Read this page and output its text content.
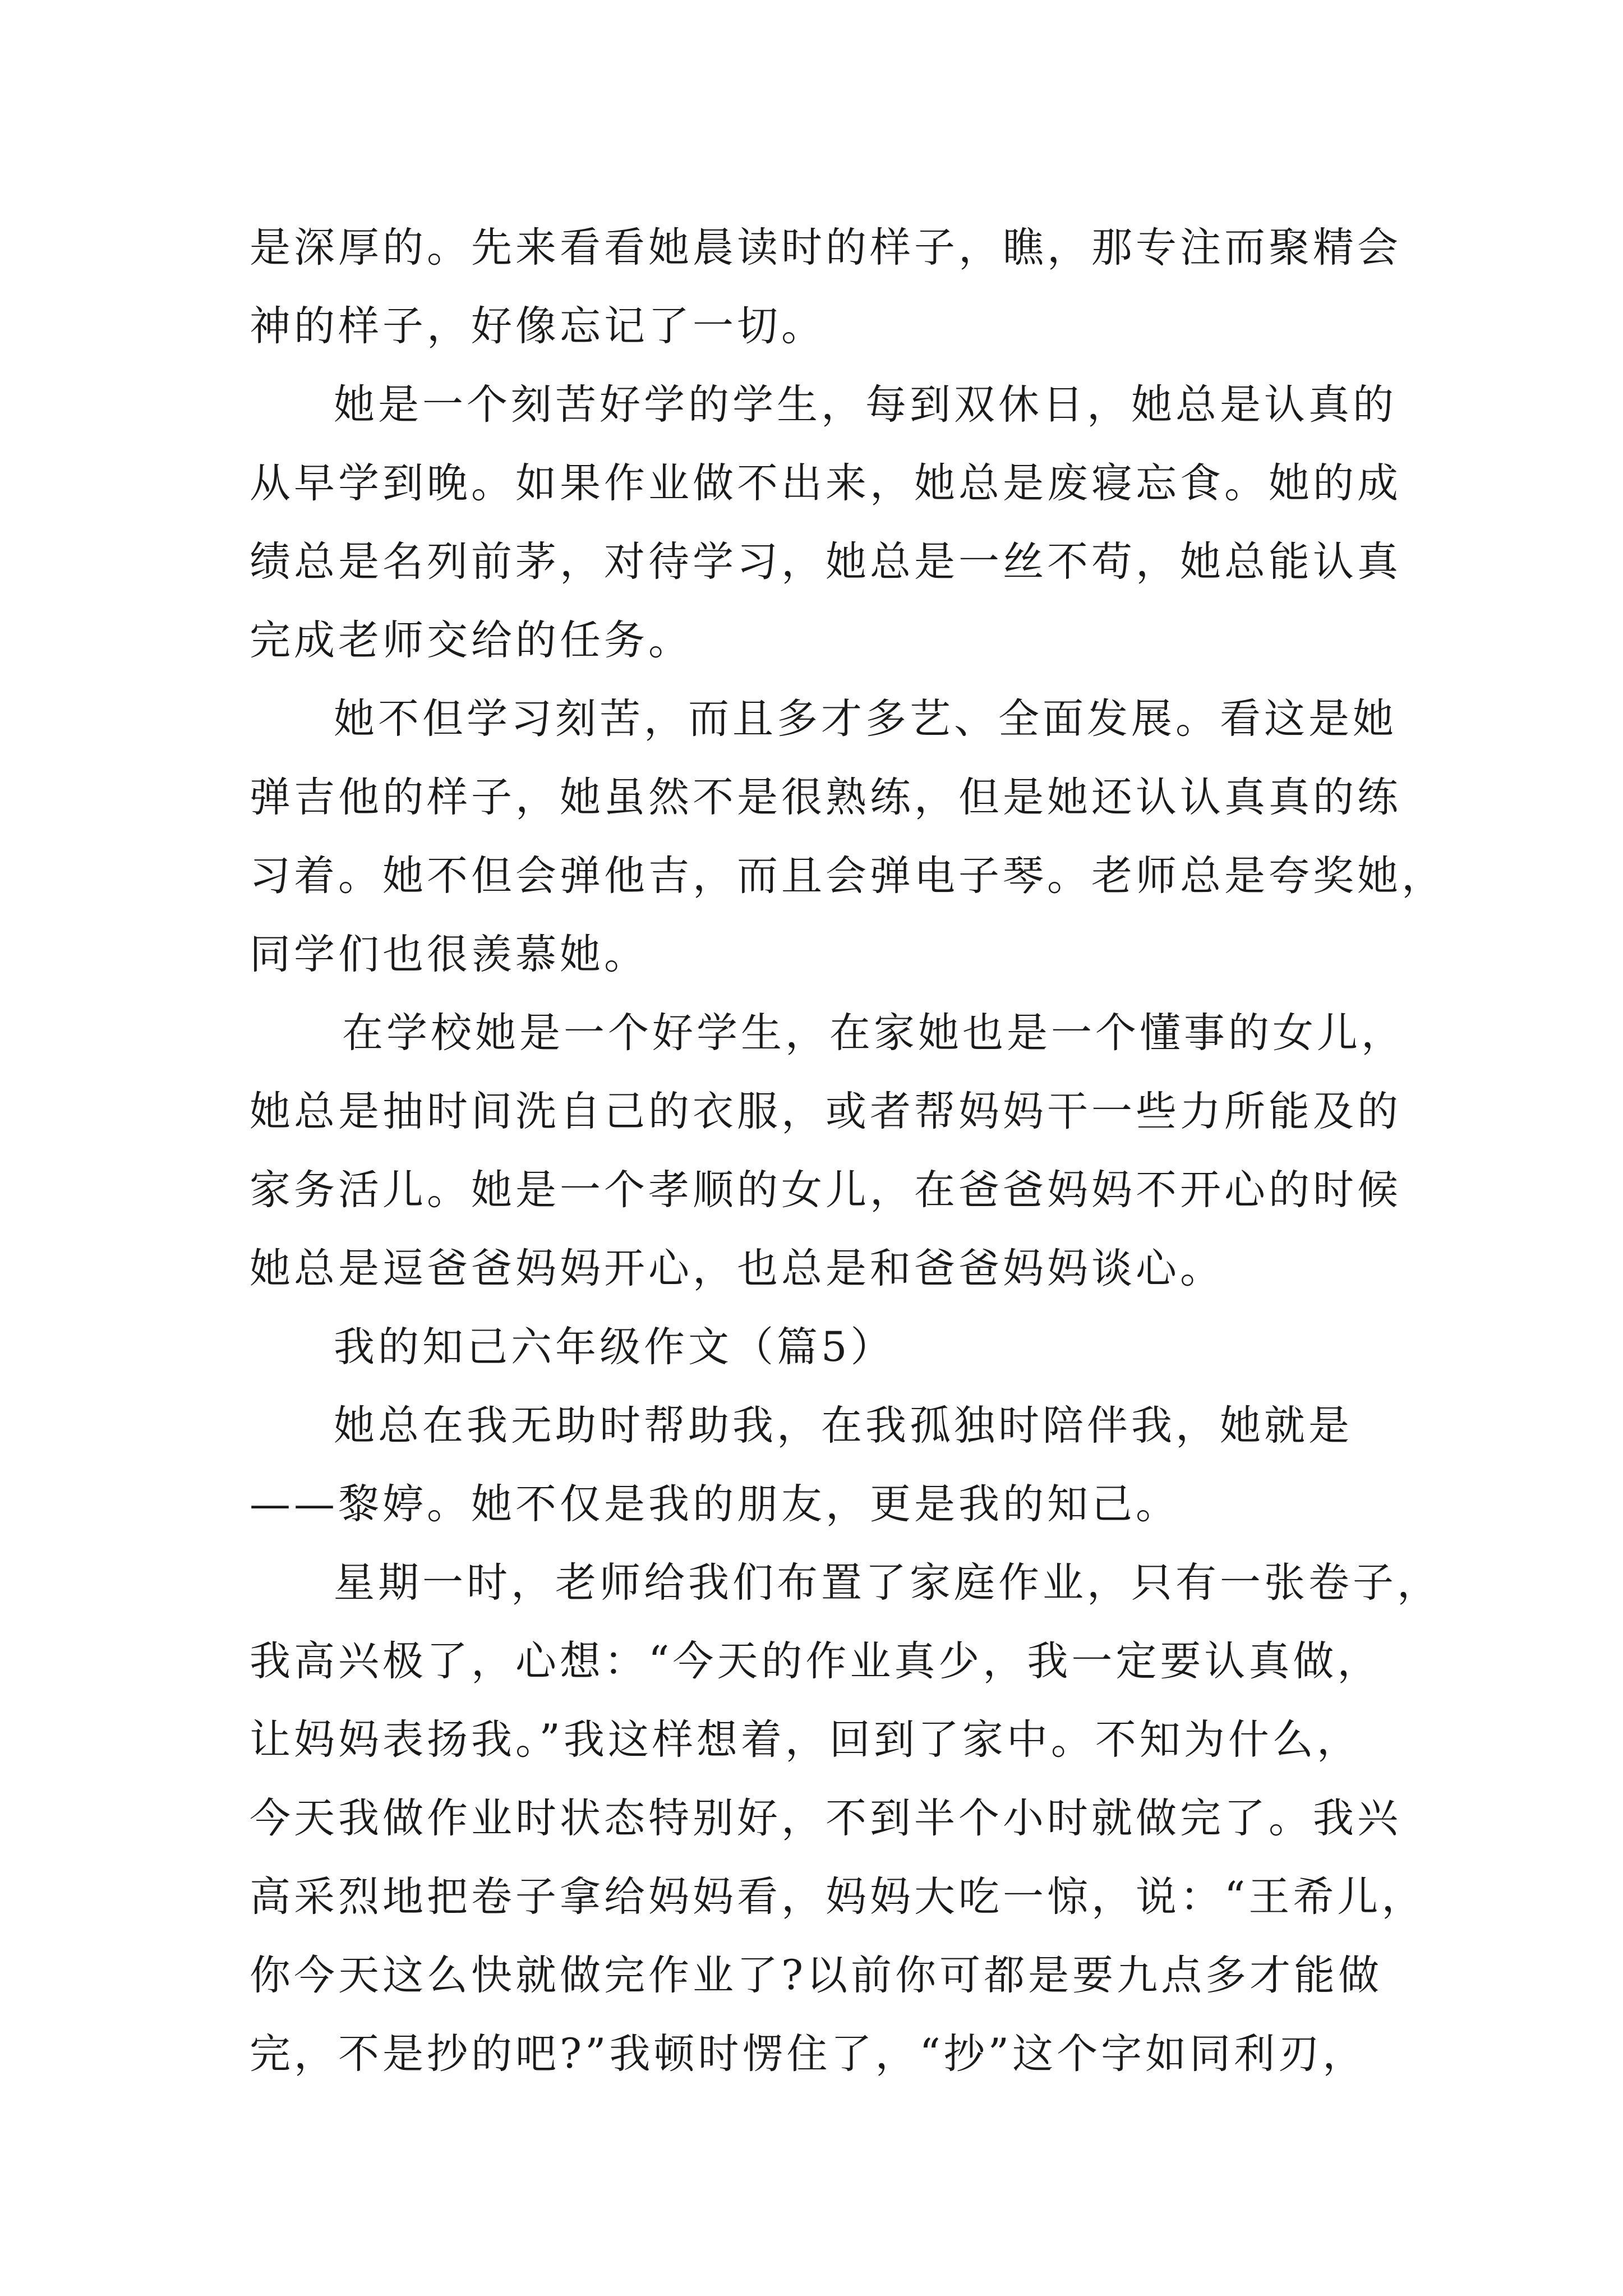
是深厚的。先来看看她晨读时的样子，瞧，那专注而聚精会
神的样子，好像忘记了一切。
她是一个刻苦好学的学生，每到双休日，她总是认真的
从早学到晚。如果作业做不出来，她总是废寝忘食。她的成
绩总是名列前茅，对待学习，她总是一丝不苟，她总能认真
完成老师交给的任务。
她不但学习刻苦，而且多才多艺、全面发展。看这是她
弹吉他的样子，她虽然不是很熟练，但是她还认认真真的练
习着。她不但会弹他吉，而且会弹电子琴。老师总是夸奖她，
同学们也很羡慕她。
在学校她是一个好学生，在家她也是一个懂事的女儿，
她总是抽时间洗自己的衣服，或者帮妈妈干一些力所能及的
家务活儿。她是一个孝顺的女儿，在爸爸妈妈不开心的时候
她总是逗爸爸妈妈开心，也总是和爸爸妈妈谈心。
我的知己六年级作文（篇5）
她总在我无助时帮助我，在我孤独时陪伴我，她就是
——黎婷。她不仅是我的朋友，更是我的知己。
星期一时，老师给我们布置了家庭作业，只有一张卷子，
我高兴极了，心想：“今天的作业真少，我一定要认真做，
让妈妈表扬我。”我这样想着，回到了家中。不知为什么，
今天我做作业时状态特别好，不到半个小时就做完了。我兴
高采烈地把卷子拿给妈妈看，妈妈大吃一惊，说：“王希儿，
你今天这么快就做完作业了?以前你可都是要九点多才能做
完，不是抄的吧?”我顿时愣住了，“抄”这个字如同利刃，
